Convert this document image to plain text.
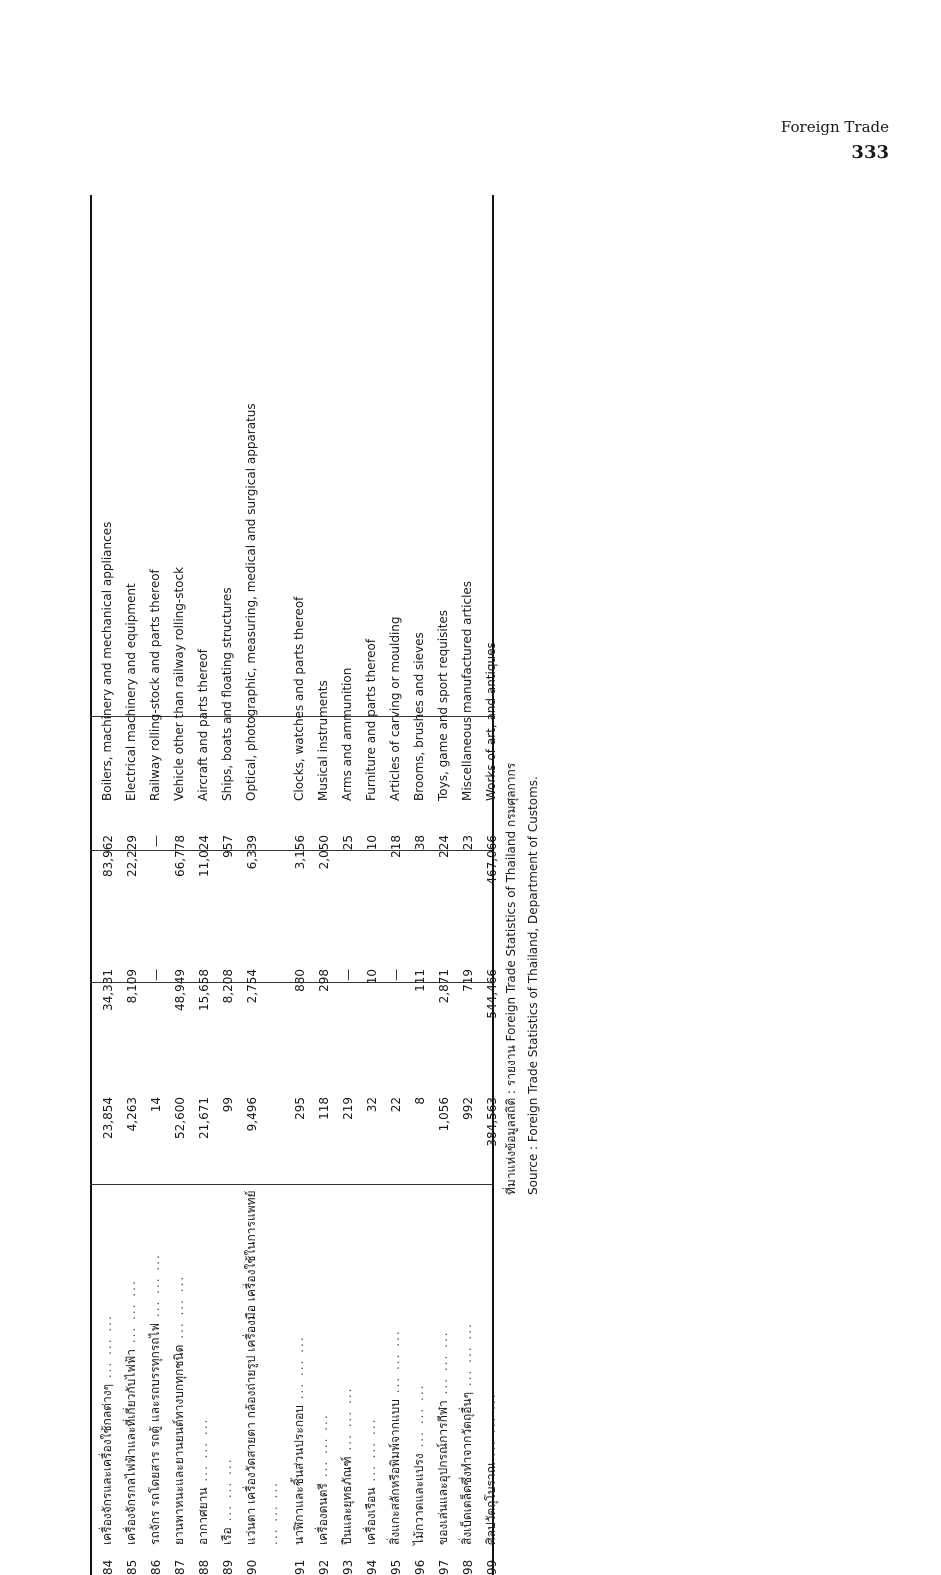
Foreign Trade
333
84
เครื่องจักรและเครื่องใช้กลต่างๆ ... ... ...
23,854
34,331
83,962
Boilers, machinery and mechanical appliances
85
เครื่องจักรกลไฟฟ้าและที่เกี่ยวกับไฟฟ้า ... ... ...
4,263
8,109
22,229
Electrical machinery and equipment
86
รถจักร รถโดยสาร รถตู้ และรถบรรทุกรถไฟ ... ... ...
14
—
—
Railway rolling-stock and parts thereof
87
ยานพาหนะและยานยนต์ทางบกทุกชนิด ... ... ...
52,600
48,949
66,778
Vehicle other than railway rolling-stock
88
อากาศยาน ... ... ...
21,671
15,658
11,024
Aircraft and parts thereof
89
เรือ ... ... ...
99
8,208
957
Ships, boats and floating structures
90
แว่นตา เครื่องวัดสายตา กล้องถ่ายรูป เครื่องมือ เครื่องใช้ในการแพทย์ ... ... ...
9,496
2,754
6,339
Optical, photographic, measuring, medical and surgical apparatus
91
นาฬิกาและชิ้นส่วนประกอบ ... ... ...
295
880
3,156
Clocks, watches and parts thereof
92
เครื่องดนตรี ... ... ...
118
298
2,050
Musical instruments
93
ปืนและยุทธภัณฑ์ ... ... ...
219
—
25
Arms and ammunition
94
เครื่องเรือน ... ... ...
32
10
10
Furniture and parts thereof
95
สิ่งแกะสลักหรือพิมพ์จากแบบ ... ... ...
22
—
218
Articles of carving or moulding
96
ไม้กวาดและแปรง ... ... ...
8
111
38
Brooms, brushes and sieves
97
ของเล่นและอุปกรณ์การกีฬา ... ... ...
1,056
2,871
224
Toys, game and sport requisites
98
สิ่งเบ็ดเตล็ดซึ่งทำจากวัตถุอื่นๆ ... ... ...
992
719
23
Miscellaneous manufactured articles
99
ศิลปวัตถุโบราณ ... ... ...
384,563
544,466
467,066
Works of art, and antiques
ที่มาแห่งข้อมูลสถิติ : รายงาน Foreign Trade Statistics of Thailand กรมศุลกากร Source : Foreign Trade Statistics of Thailand, Department of Customs.
